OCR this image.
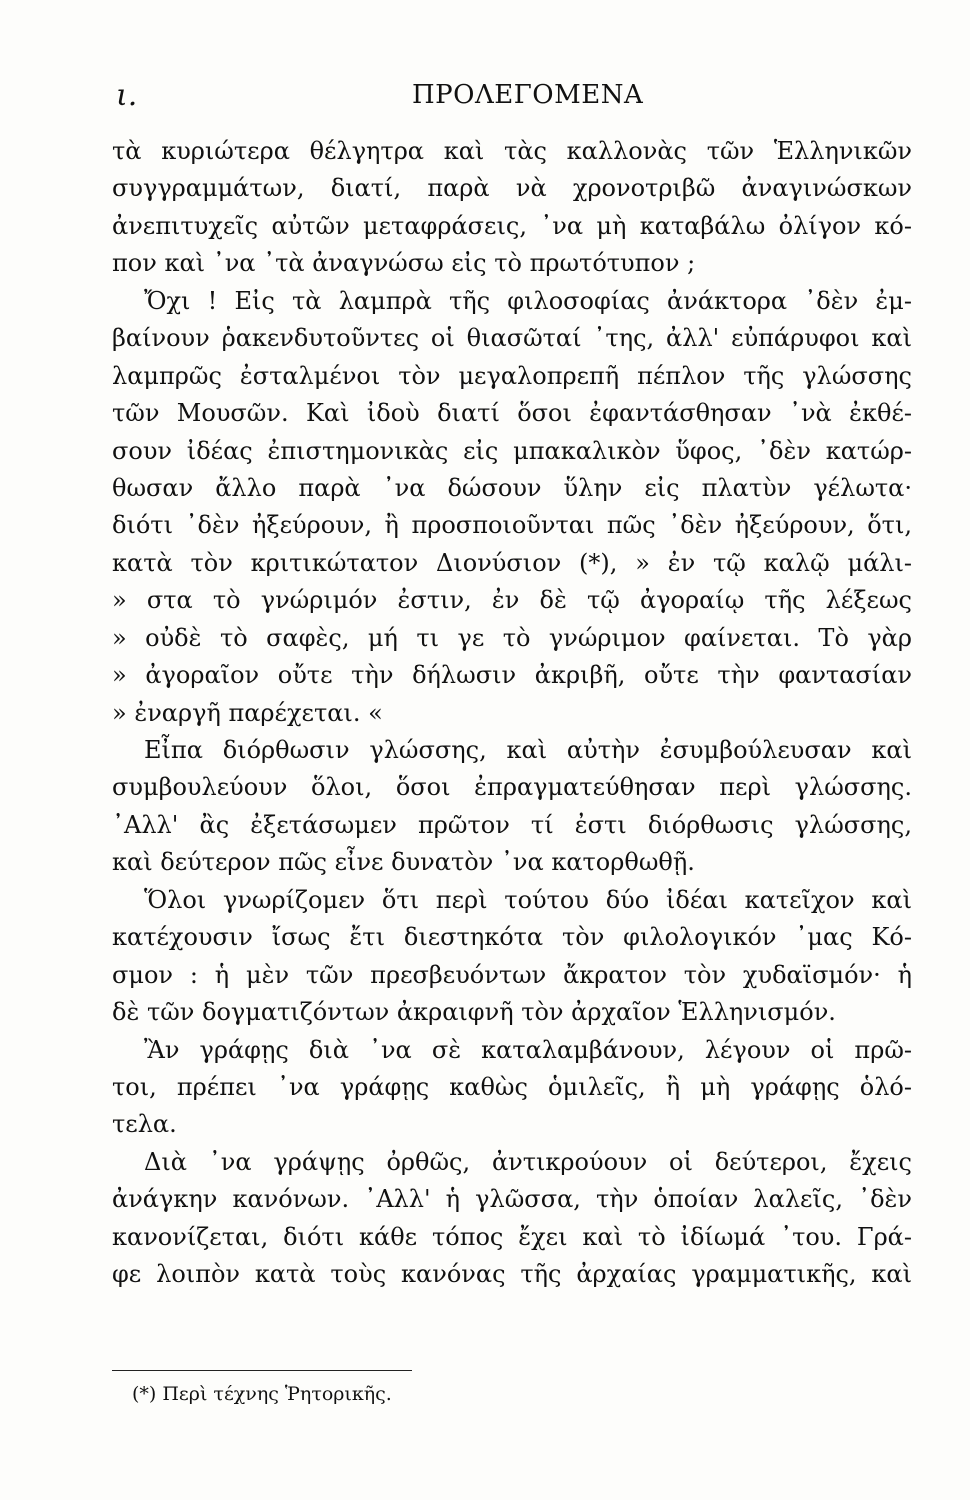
ι.	ΠΡΟΛΕΓΟΜΕΝΑ
τὰ κυριώτερα θέλγητρα καὶ τὰς καλλονὰς τῶν Ἑλληνικῶν
συγγραμμάτων, διατί, παρὰ νὰ χρονοτριβῶ ἀναγινώσκων
ἀνεπιτυχεῖς αὐτῶν μεταφράσεις, ᾿να μὴ καταβάλω ὀλίγον κό-
πον καὶ ᾿να ᾿τὰ ἀναγνώσω εἰς τὸ πρωτότυπον ;
Ὄχι ! Εἰς τὰ λαμπρὰ τῆς φιλοσοφίας ἀνάκτορα ᾿δὲν ἐμ-
βαίνουν ῥακενδυτοῦντες οἱ θιασῶταί ᾿της, ἀλλ' εὐπάρυφοι καὶ
λαμπρῶς ἐσταλμένοι τὸν μεγαλοπρεπῆ πέπλον τῆς γλώσσης
τῶν Μουσῶν. Καὶ ἰδοὺ διατί ὅσοι ἐφαντάσθησαν ᾿νὰ ἐκθέ-
σουν ἰδέας ἐπιστημονικὰς εἰς μπακαλικὸν ὕφος, ᾿δὲν κατώρ-
θωσαν ἄλλο παρὰ ᾿να δώσουν ὕλην εἰς πλατὺν γέλωτα·
διότι ᾿δὲν ἠξεύρουν, ἢ προσποιοῦνται πῶς ᾿δὲν ἠξεύρουν, ὅτι,
κατὰ τὸν κριτικώτατον Διονύσιον (*), » ἐν τῷ καλῷ μάλι-
» στα τὸ γνώριμόν ἐστιν, ἐν δὲ τῷ ἀγοραίῳ τῆς λέξεως
» οὐδὲ τὸ σαφὲς, μή τι γε τὸ γνώριμον φαίνεται. Τὸ γὰρ
» ἀγοραῖον οὔτε τὴν δήλωσιν ἀκριβῆ, οὔτε τὴν φαντασίαν
» ἐναργῆ παρέχεται. «
Εἶπα διόρθωσιν γλώσσης, καὶ αὐτὴν ἐσυμβούλευσαν καὶ
συμβουλεύουν ὅλοι, ὅσοι ἐπραγματεύθησαν περὶ γλώσσης.
᾿Αλλ' ἂς ἐξετάσωμεν πρῶτον τί ἐστι διόρθωσις γλώσσης,
καὶ δεύτερον πῶς εἶνε δυνατὸν ᾿να κατορθωθῇ.
Ὅλοι γνωρίζομεν ὅτι περὶ τούτου δύο ἰδέαι κατεῖχον καὶ
κατέχουσιν ἴσως ἔτι διεστηκότα τὸν φιλολογικόν ᾿μας Κό-
σμον : ἡ μὲν τῶν πρεσβευόντων ἄκρατον τὸν χυδαϊσμόν· ἡ
δὲ τῶν δογματιζόντων ἀκραιφνῆ τὸν ἀρχαῖον Ἑλληνισμόν.
Ἂν γράφῃς διὰ ᾿να σὲ καταλαμβάνουν, λέγουν οἱ πρῶ-
τοι, πρέπει ᾿να γράφῃς καθὼς ὁμιλεῖς, ἢ μὴ γράφῃς ὁλό-
τελα.
Διὰ ᾿να γράψῃς ὀρθῶς, ἀντικρούουν οἱ δεύτεροι, ἔχεις
ἀνάγκην κανόνων. ᾿Αλλ' ἡ γλῶσσα, τὴν ὁποίαν λαλεῖς, ᾿δὲν
κανονίζεται, διότι κάθε τόπος ἔχει καὶ τὸ ἰδίωμά ᾿του. Γρά-
φε λοιπὸν κατὰ τοὺς κανόνας τῆς ἀρχαίας γραμματικῆς, καὶ
(*) Περὶ τέχνης Ῥητορικῆς.
